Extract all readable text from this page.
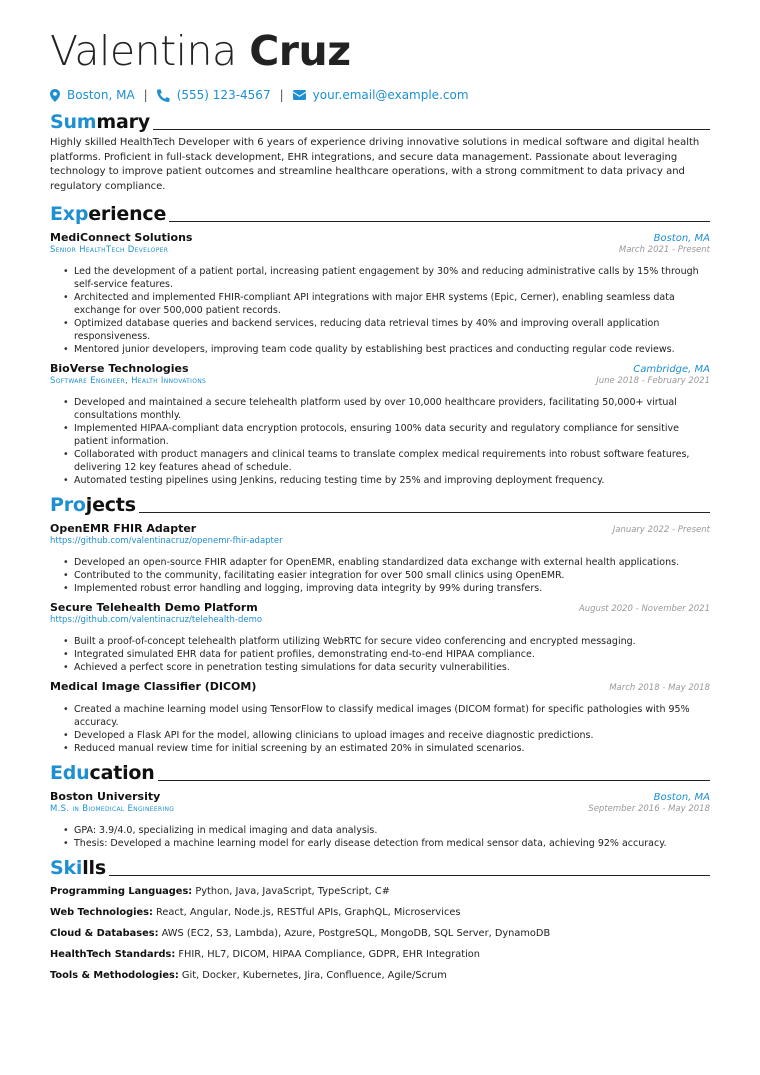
Valentina Cruz
Boston, MA | (555) 123-4567 | your.email@example.com
Summary

Highly skilled HealthTech Developer with 6 years of experience driving innovative solutions in medical software and digital health platforms. Proficient in full-stack development, EHR integrations, and secure data management. Passionate about leveraging technology to improve patient outcomes and streamline healthcare operations, with a strong commitment to data privacy and regulatory compliance.

Experience
MediConnect Solutions	Boston, MA
Senior HealthTech Developer	March 2021 - Present
• Led the development of a patient portal, increasing patient engagement by 30% and reducing administrative calls by 15% through self-service features.
• Architected and implemented FHIR-compliant API integrations with major EHR systems (Epic, Cerner), enabling seamless data exchange for over 500,000 patient records.
• Optimized database queries and backend services, reducing data retrieval times by 40% and improving overall application responsiveness.
• Mentored junior developers, improving team code quality by establishing best practices and conducting regular code reviews.
BioVerse Technologies	Cambridge, MA
Software Engineer, Health Innovations	June 2018 - February 2021
• Developed and maintained a secure telehealth platform used by over 10,000 healthcare providers, facilitating 50,000+ virtual consultations monthly.
• Implemented HIPAA-compliant data encryption protocols, ensuring 100% data security and regulatory compliance for sensitive patient information.
• Collaborated with product managers and clinical teams to translate complex medical requirements into robust software features, delivering 12 key features ahead of schedule.
• Automated testing pipelines using Jenkins, reducing testing time by 25% and improving deployment frequency.
Projects
OpenEMR FHIR Adapter	January 2022 - Present
https://github.com/valentinacruz/openemr-fhir-adapter
• Developed an open-source FHIR adapter for OpenEMR, enabling standardized data exchange with external health applications.
• Contributed to the community, facilitating easier integration for over 500 small clinics using OpenEMR.
• Implemented robust error handling and logging, improving data integrity by 99% during transfers.
Secure Telehealth Demo Platform	August 2020 - November 2021
https://github.com/valentinacruz/telehealth-demo
• Built a proof-of-concept telehealth platform utilizing WebRTC for secure video conferencing and encrypted messaging.
• Integrated simulated EHR data for patient profiles, demonstrating end-to-end HIPAA compliance.
• Achieved a perfect score in penetration testing simulations for data security vulnerabilities.
Medical Image Classifier (DICOM)	March 2018 - May 2018
• Created a machine learning model using TensorFlow to classify medical images (DICOM format) for specific pathologies with 95% accuracy.
• Developed a Flask API for the model, allowing clinicians to upload images and receive diagnostic predictions.
• Reduced manual review time for initial screening by an estimated 20% in simulated scenarios.
Education
Boston University	Boston, MA
M.S. in Biomedical Engineering	September 2016 - May 2018
• GPA: 3.9/4.0, specializing in medical imaging and data analysis.
• Thesis: Developed a machine learning model for early disease detection from medical sensor data, achieving 92% accuracy.
Skills
Programming Languages: Python, Java, JavaScript, TypeScript, C#
Web Technologies: React, Angular, Node.js, RESTful APIs, GraphQL, Microservices
Cloud & Databases: AWS (EC2, S3, Lambda), Azure, PostgreSQL, MongoDB, SQL Server, DynamoDB
HealthTech Standards: FHIR, HL7, DICOM, HIPAA Compliance, GDPR, EHR Integration
Tools & Methodologies: Git, Docker, Kubernetes, Jira, Confluence, Agile/Scrum
